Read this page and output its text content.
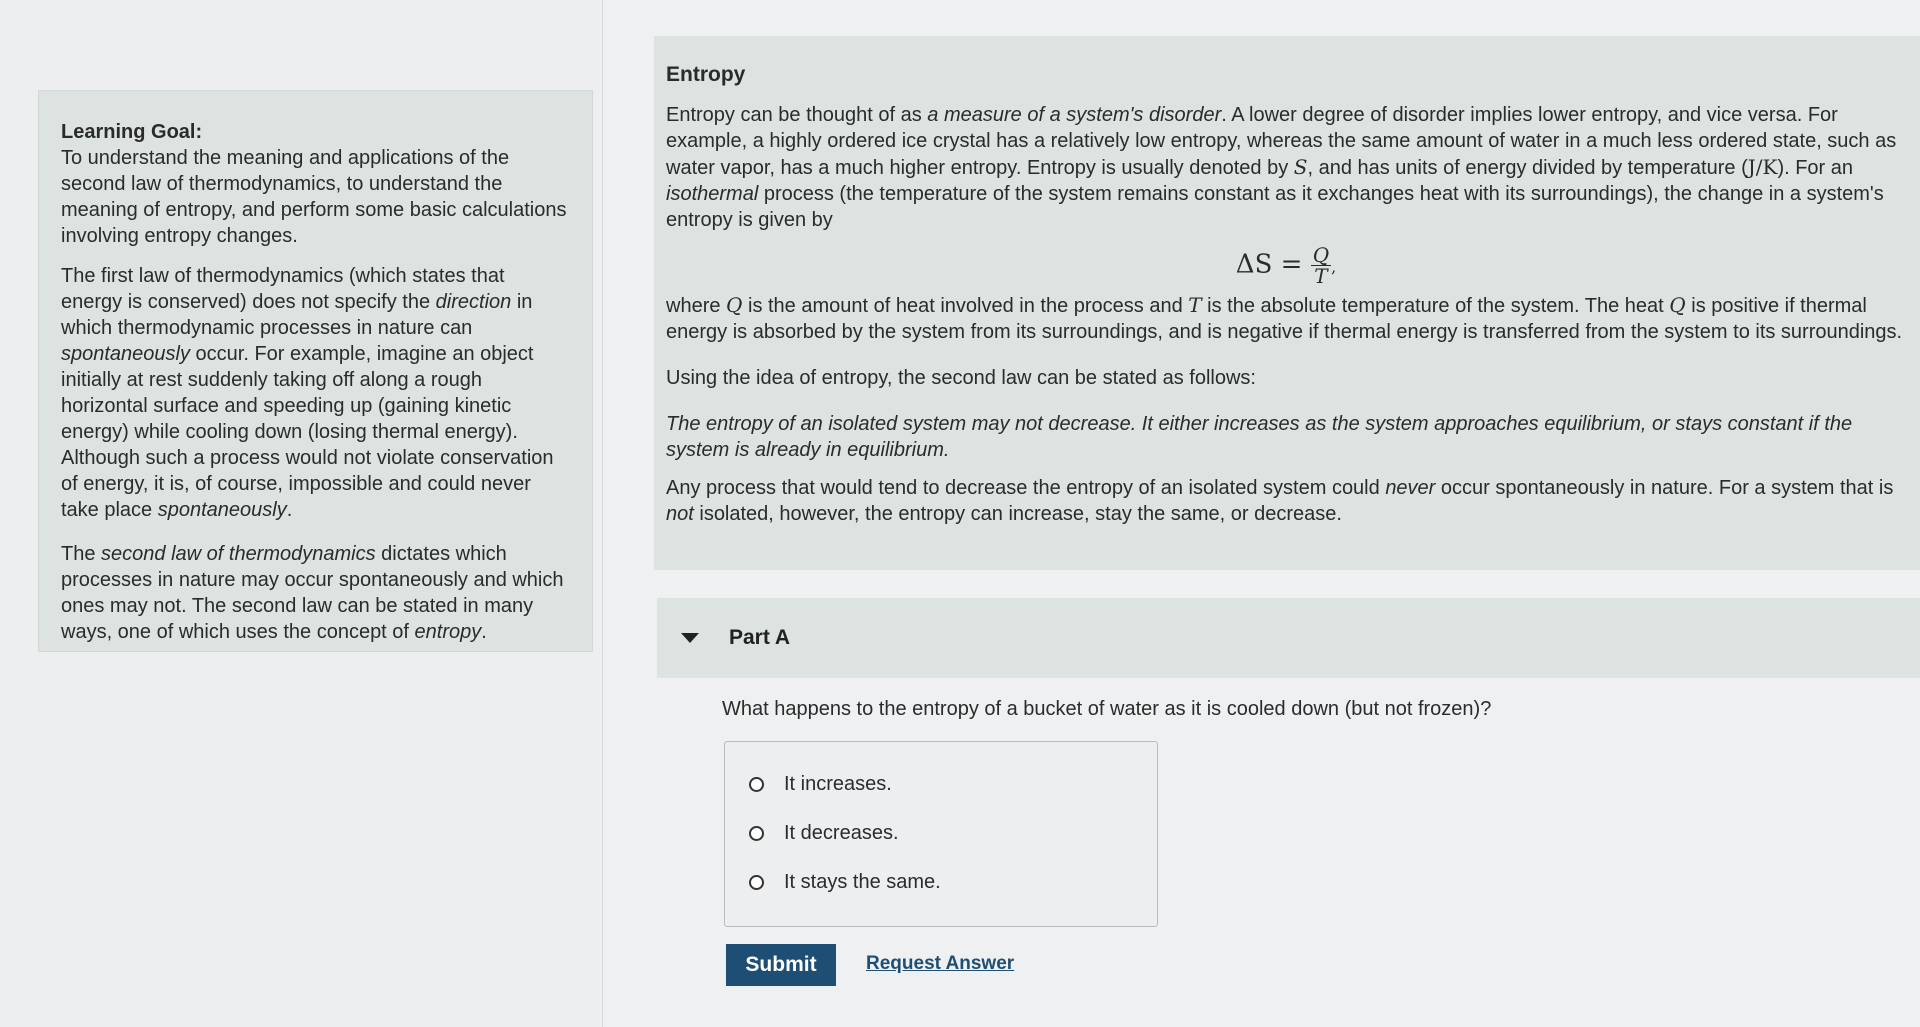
Learning Goal:
To understand the meaning and applications of the second law of thermodynamics, to understand the meaning of entropy, and perform some basic calculations involving entropy changes.

The first law of thermodynamics (which states that energy is conserved) does not specify the direction in which thermodynamic processes in nature can spontaneously occur. For example, imagine an object initially at rest suddenly taking off along a rough horizontal surface and speeding up (gaining kinetic energy) while cooling down (losing thermal energy). Although such a process would not violate conservation of energy, it is, of course, impossible and could never take place spontaneously.

The second law of thermodynamics dictates which processes in nature may occur spontaneously and which ones may not. The second law can be stated in many ways, one of which uses the concept of entropy.

Entropy

Entropy can be thought of as a measure of a system's disorder. A lower degree of disorder implies lower entropy, and vice versa. For example, a highly ordered ice crystal has a relatively low entropy, whereas the same amount of water in a much less ordered state, such as water vapor, has a much higher entropy. Entropy is usually denoted by S, and has units of energy divided by temperature (J/K). For an isothermal process (the temperature of the system remains constant as it exchanges heat with its surroundings), the change in a system's entropy is given by

$\Delta S = \frac{Q}{T}$ ,

where Q is the amount of heat involved in the process and T is the absolute temperature of the system. The heat Q is positive if thermal energy is absorbed by the system from its surroundings, and is negative if thermal energy is transferred from the system to its surroundings.

Using the idea of entropy, the second law can be stated as follows:

The entropy of an isolated system may not decrease. It either increases as the system approaches equilibrium, or stays constant if the system is already in equilibrium.

Any process that would tend to decrease the entropy of an isolated system could never occur spontaneously in nature. For a system that is not isolated, however, the entropy can increase, stay the same, or decrease.

Part A
What happens to the entropy of a bucket of water as it is cooled down (but not frozen)?
It increases.
It decreases.
It stays the same.
Submit	Request Answer
